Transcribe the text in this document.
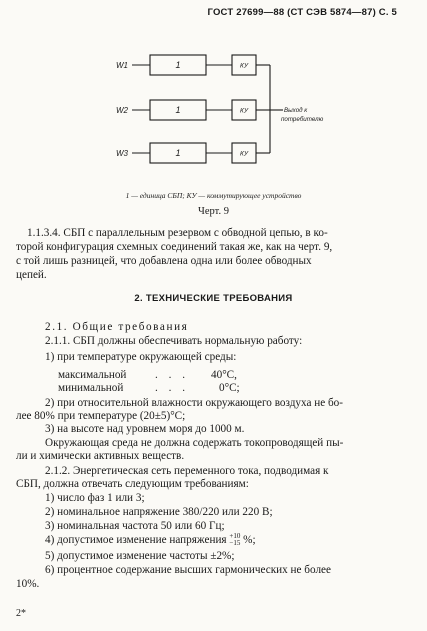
ГОСТ 27699—88 (СТ СЭВ 5874—87) С. 5
W1
W2
W3
1
1
1
КУ
КУ
КУ
Выход к
потребителю
1 — единица СБП; КУ — коммутирующее устройство
Черт. 9
1.1.3.4. СБП с параллельным резервом с обводной цепью, в ко-
торой конфигурация схемных соединений такая же, как на черт. 9,
с той лишь разницей, что добавлена одна или более обводных
цепей.
2. ТЕХНИЧЕСКИЕ ТРЕБОВАНИЯ
2.1. Общие требования
2.1.1. СБП должны обеспечивать нормальную работу:
1) при температуре окружающей среды:
максимальной	. . . 40°С,
минимальной	. . .	0°С;
2) при относительной влажности окружающего воздуха не бо-
лее 80% при температуре (20±5)°С;
3) на высоте над уровнем моря до 1000 м.
Окружающая среда не должна содержать токопроводящей пы-
ли и химически активных веществ.
2.1.2. Энергетическая сеть переменного тока, подводимая к
СБП, должна отвечать следующим требованиям:
1) число фаз 1 или 3;
2) номинальное напряжение 380/220 или 220 В;
3) номинальная частота 50 или 60 Гц;
4) допустимое изменение напряжения +10
−15 %;
5) допустимое изменение частоты ±2%;
6) процентное содержание высших гармонических не более
10%.
2*
